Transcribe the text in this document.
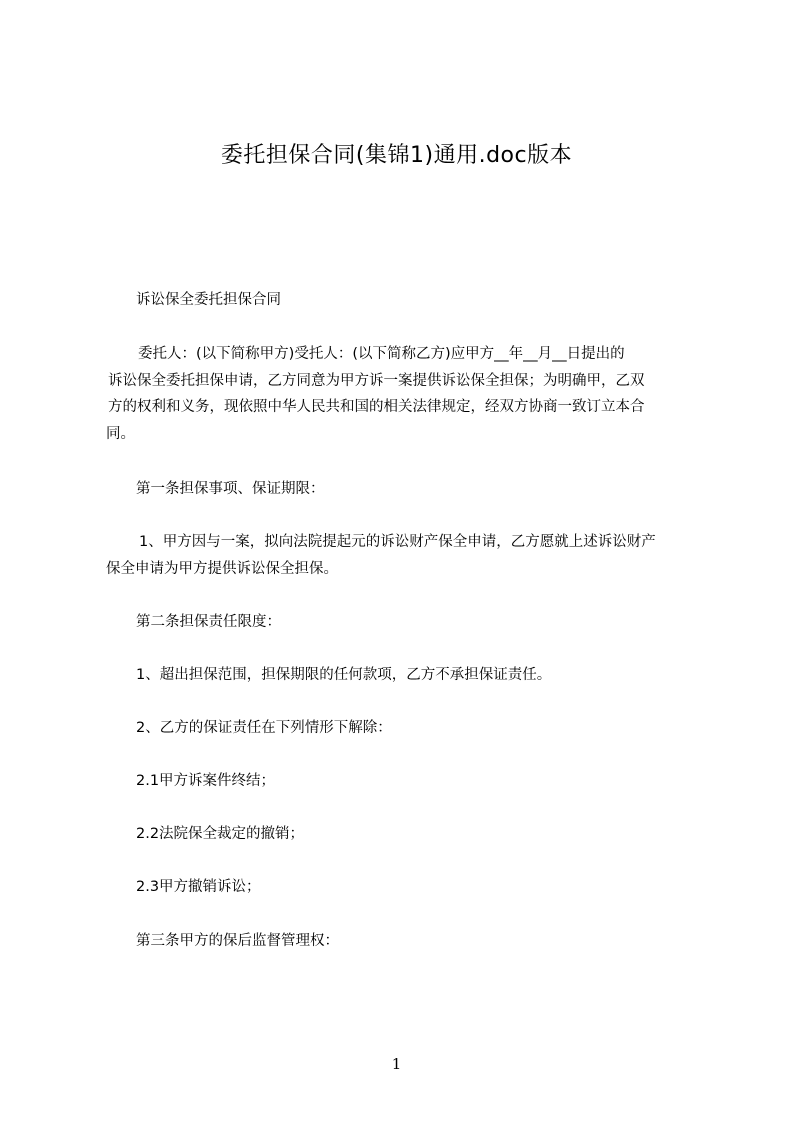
委托担保合同(集锦1)通用.doc版本
诉讼保全委托担保合同
委托人：(以下简称甲方)受托人：(以下简称乙方)应甲方__年__月__日提出的
诉讼保全委托担保申请，乙方同意为甲方诉一案提供诉讼保全担保；为明确甲，乙双
方的权利和义务，现依照中华人民共和国的相关法律规定，经双方协商一致订立本合
同。
第一条担保事项、保证期限：
1、甲方因与一案，拟向法院提起元的诉讼财产保全申请，乙方愿就上述诉讼财产
保全申请为甲方提供诉讼保全担保。
第二条担保责任限度：
1、超出担保范围，担保期限的任何款项，乙方不承担保证责任。
2、乙方的保证责任在下列情形下解除：
2.1甲方诉案件终结；
2.2法院保全裁定的撤销；
2.3甲方撤销诉讼；
第三条甲方的保后监督管理权：
1
